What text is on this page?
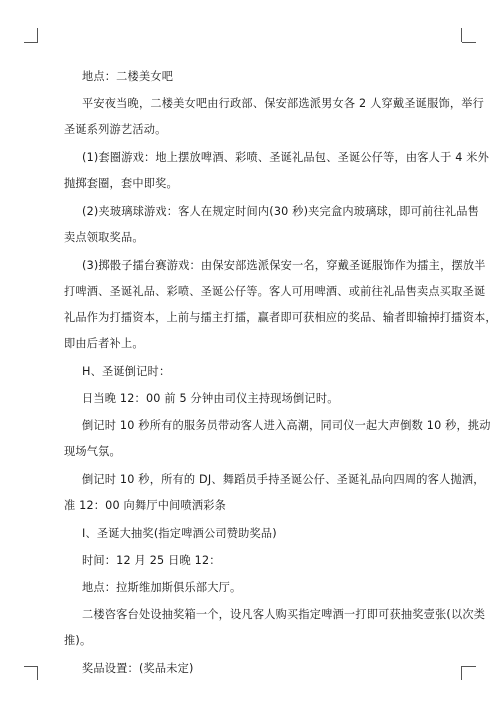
地点：二楼美女吧
平安夜当晚，二楼美女吧由行政部、保安部选派男女各 2 人穿戴圣诞服饰，举行
圣诞系列游艺活动。
(1)套圈游戏：地上摆放啤酒、彩喷、圣诞礼品包、圣诞公仔等，由客人于 4 米外
抛掷套圈，套中即奖。
(2)夹玻璃球游戏：客人在规定时间内(30 秒)夹完盒内玻璃球，即可前往礼品售
卖点领取奖品。
(3)掷骰子擂台赛游戏：由保安部选派保安一名，穿戴圣诞服饰作为擂主，摆放半
打啤酒、圣诞礼品、彩喷、圣诞公仔等。客人可用啤酒、或前往礼品售卖点买取圣诞
礼品作为打擂资本，上前与擂主打擂，赢者即可获相应的奖品、输者即输掉打擂资本，
即由后者补上。
H、圣诞倒记时：
日当晚 12：00 前 5 分钟由司仪主持现场倒记时。
倒记时 10 秒所有的服务员带动客人进入高潮，同司仪一起大声倒数 10 秒，挑动
现场气氛。
倒记时 10 秒，所有的 DJ、舞蹈员手持圣诞公仔、圣诞礼品向四周的客人抛洒，
准 12：00 向舞厅中间喷洒彩条
I、圣诞大抽奖(指定啤酒公司赞助奖品)
时间：12 月 25 日晚 12：
地点：拉斯维加斯俱乐部大厅。
二楼咨客台处设抽奖箱一个，设凡客人购买指定啤酒一打即可获抽奖壹张(以次类
推)。
奖品设置：(奖品未定)
